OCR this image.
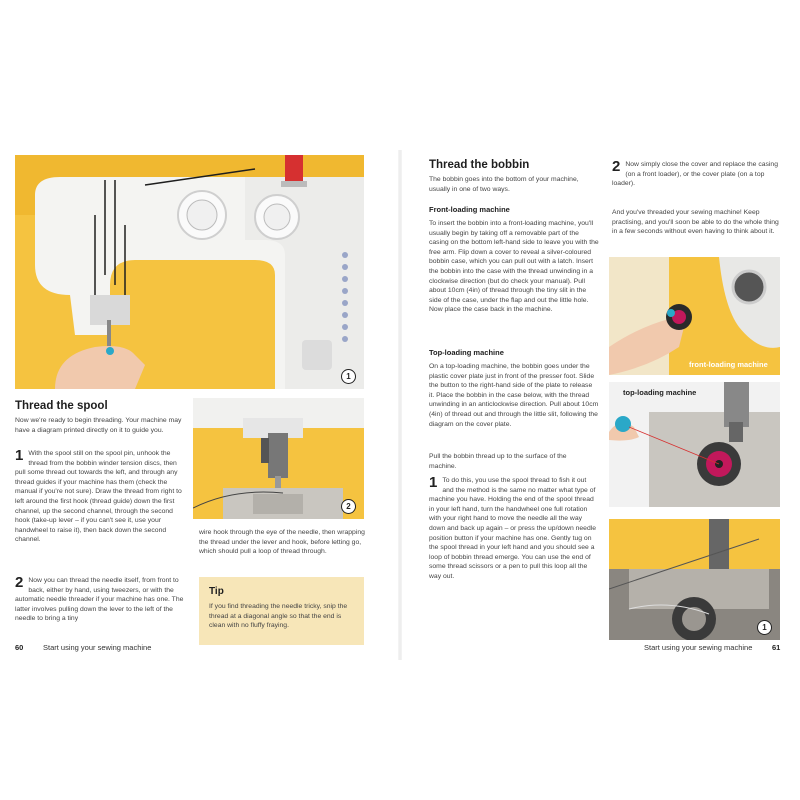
1
2
Thread the spool
Now we're ready to begin threading. Your machine may have a diagram printed directly on it to guide you.
1 With the spool still on the spool pin, unhook the thread from the bobbin winder tension discs, then pull some thread out towards the left, and through any thread guides if your machine has them (check the manual if you're not sure). Draw the thread from right to left around the first hook (thread guide) down the first channel, up the second channel, through the second hook (take-up lever – if you can't see it, use your handwheel to raise it), then back down the second channel.
2 Now you can thread the needle itself, from front to back, either by hand, using tweezers, or with the automatic needle threader if your machine has one. The latter involves pulling down the lever to the left of the needle to bring a tiny
wire hook through the eye of the needle, then wrapping the thread under the lever and hook, before letting go, which should pull a loop of thread through.
Tip
If you find threading the needle tricky, snip the thread at a diagonal angle so that the end is clean with no fluffy fraying.
60	Start using your sewing machine
Thread the bobbin
The bobbin goes into the bottom of your machine, usually in one of two ways.
Front-loading machine
To insert the bobbin into a front-loading machine, you'll usually begin by taking off a removable part of the casing on the bottom left-hand side to leave you with the free arm. Flip down a cover to reveal a silver-coloured bobbin case, which you can pull out with a latch. Insert the bobbin into the case with the thread unwinding in a clockwise direction (but do check your manual). Pull about 10cm (4in) of thread through the tiny slit in the side of the case, under the flap and out the little hole. Now place the case back in the machine.
Top-loading machine
On a top-loading machine, the bobbin goes under the plastic cover plate just in front of the presser foot. Slide the button to the right-hand side of the plate to release it. Place the bobbin in the case below, with the thread unwinding in an anticlockwise direction. Pull about 10cm (4in) of thread out and through the little slit, following the diagram on the cover plate.
Pull the bobbin thread up to the surface of the machine.
1 To do this, you use the spool thread to fish it out and the method is the same no matter what type of machine you have. Holding the end of the spool thread in your left hand, turn the handwheel one full rotation with your right hand to move the needle all the way down and back up again – or press the up/down needle position button if your machine has one. Gently tug on the spool thread in your left hand and you should see a loop of bobbin thread emerge. You can use the end of some thread scissors or a pen to pull this loop all the way out.
2 Now simply close the cover and replace the casing (on a front loader), or the cover plate (on a top loader).
And you've threaded your sewing machine! Keep practising, and you'll soon be able to do the whole thing in a few seconds without even having to think about it.
front-loading machine
top-loading machine
1
Start using your sewing machine	61
